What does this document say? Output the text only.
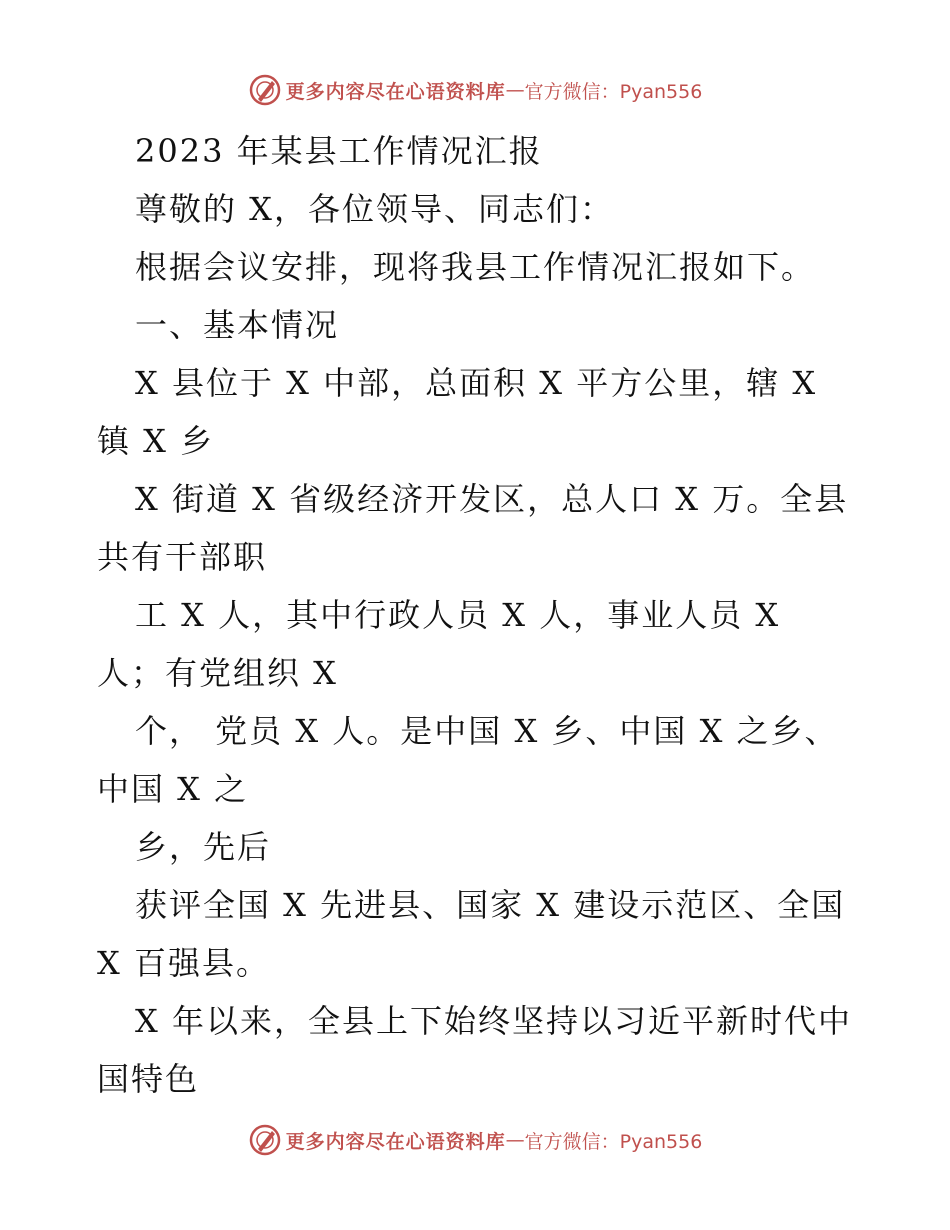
更多内容尽在心语资料库 — 官方微信：Pyan556
2023 年某县工作情况汇报
尊敬的 X，各位领导、同志们：
根据会议安排，现将我县工作情况汇报如下。
一、基本情况
X 县位于 X 中部，总面积 X 平方公里，辖 X
镇 X 乡
X 街道 X 省级经济开发区，总人口 X 万。全县
共有干部职
工 X 人，其中行政人员 X 人，事业人员 X
人；有党组织 X
个， 党员 X 人。是中国 X 乡、中国 X 之乡、
中国 X 之
乡，先后
获评全国 X 先进县、国家 X 建设示范区、全国
X 百强县。
X 年以来，全县上下始终坚持以习近平新时代中
国特色
更多内容尽在心语资料库 — 官方微信：Pyan556
